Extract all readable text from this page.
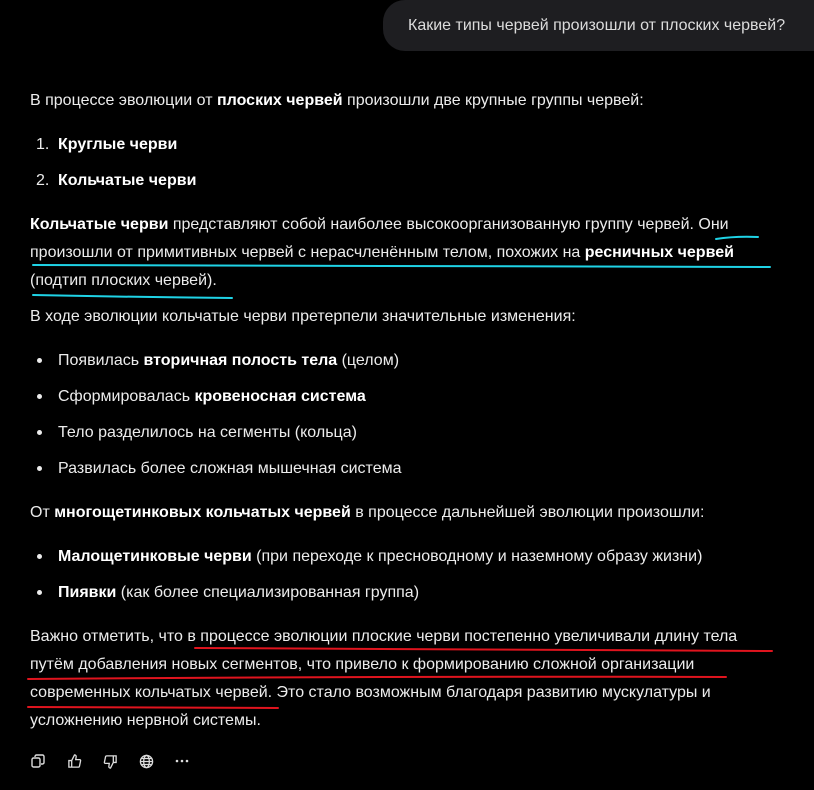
Какие типы червей произошли от плоских червей?
В процессе эволюции от плоских червей произошли две крупные группы червей:
1. Круглые черви
2. Кольчатые черви
Кольчатые черви представляют собой наиболее высокоорганизованную группу червей. Они произошли от примитивных червей с нерасчленённым телом, похожих на ресничных червей (подтип плоских червей).
В ходе эволюции кольчатые черви претерпели значительные изменения:
Появилась вторичная полость тела (целом)
Сформировалась кровеносная система
Тело разделилось на сегменты (кольца)
Развилась более сложная мышечная система
От многощетинковых кольчатых червей в процессе дальнейшей эволюции произошли:
Малощетинковые черви (при переходе к пресноводному и наземному образу жизни)
Пиявки (как более специализированная группа)
Важно отметить, что в процессе эволюции плоские черви постепенно увеличивали длину тела путём добавления новых сегментов, что привело к формированию сложной организации современных кольчатых червей. Это стало возможным благодаря развитию мускулатуры и усложнению нервной системы.
